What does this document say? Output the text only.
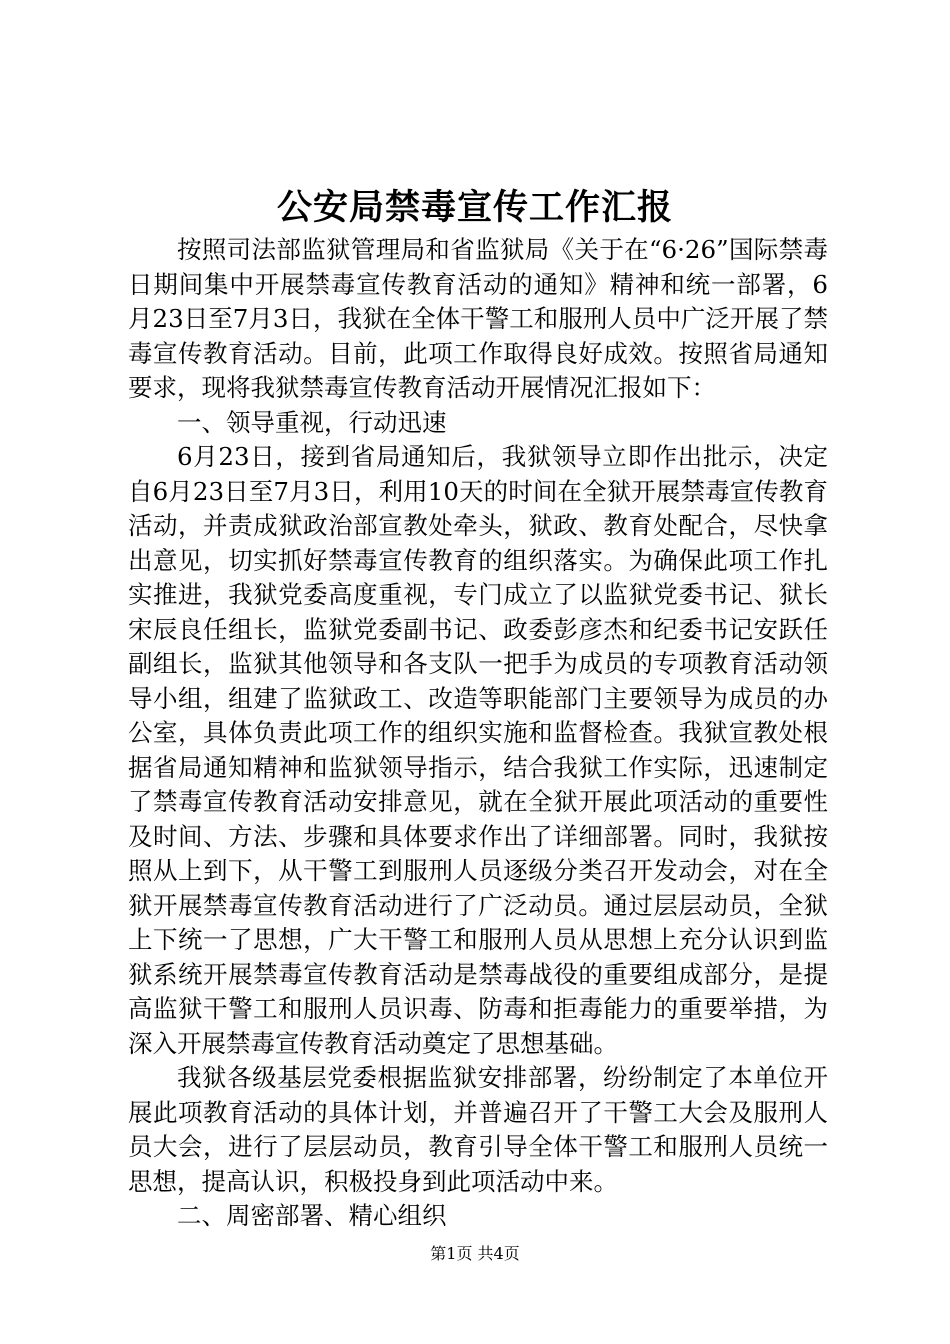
公安局禁毒宣传工作汇报

按照司法部监狱管理局和省监狱局《关于在“6·26”国际禁毒日期间集中开展禁毒宣传教育活动的通知》精神和统一部署，6月23日至7月3日，我狱在全体干警工和服刑人员中广泛开展了禁毒宣传教育活动。目前，此项工作取得良好成效。按照省局通知要求，现将我狱禁毒宣传教育活动开展情况汇报如下：

一、领导重视，行动迅速

6月23日，接到省局通知后，我狱领导立即作出批示，决定自6月23日至7月3日，利用10天的时间在全狱开展禁毒宣传教育活动，并责成狱政治部宣教处牵头，狱政、教育处配合，尽快拿出意见，切实抓好禁毒宣传教育的组织落实。为确保此项工作扎实推进，我狱党委高度重视，专门成立了以监狱党委书记、狱长宋辰良任组长，监狱党委副书记、政委彭彦杰和纪委书记安跃任副组长，监狱其他领导和各支队一把手为成员的专项教育活动领导小组，组建了监狱政工、改造等职能部门主要领导为成员的办公室，具体负责此项工作的组织实施和监督检查。我狱宣教处根据省局通知精神和监狱领导指示，结合我狱工作实际，迅速制定了禁毒宣传教育活动安排意见，就在全狱开展此项活动的重要性及时间、方法、步骤和具体要求作出了详细部署。同时，我狱按照从上到下，从干警工到服刑人员逐级分类召开发动会，对在全狱开展禁毒宣传教育活动进行了广泛动员。通过层层动员，全狱上下统一了思想，广大干警工和服刑人员从思想上充分认识到监狱系统开展禁毒宣传教育活动是禁毒战役的重要组成部分，是提高监狱干警工和服刑人员识毒、防毒和拒毒能力的重要举措，为深入开展禁毒宣传教育活动奠定了思想基础。

我狱各级基层党委根据监狱安排部署，纷纷制定了本单位开展此项教育活动的具体计划，并普遍召开了干警工大会及服刑人员大会，进行了层层动员，教育引导全体干警工和服刑人员统一思想，提高认识，积极投身到此项活动中来。

二、周密部署、精心组织

第1页 共4页
